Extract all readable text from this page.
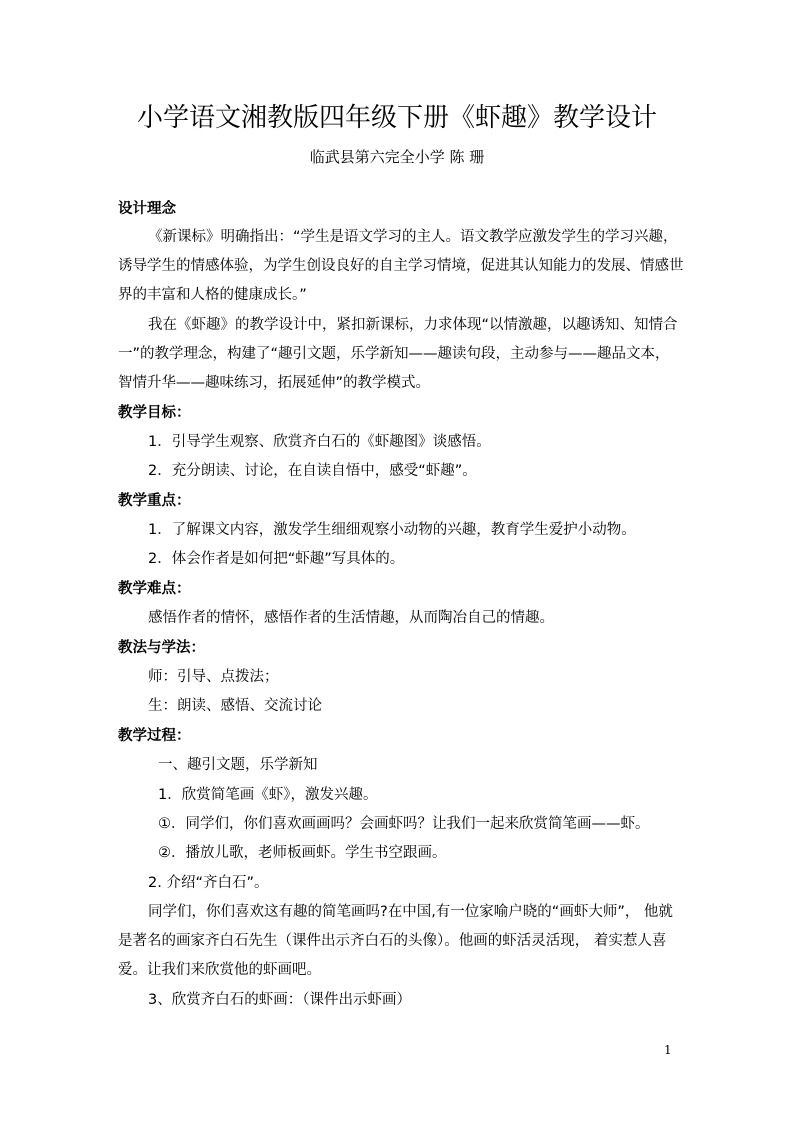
小学语文湘教版四年级下册《虾趣》教学设计
临武县第六完全小学 陈 珊
设计理念
《新课标》明确指出：“学生是语文学习的主人。语文教学应激发学生的学习兴趣，
诱导学生的情感体验，为学生创设良好的自主学习情境，促进其认知能力的发展、情感世
界的丰富和人格的健康成长。”
我在《虾趣》的教学设计中，紧扣新课标，力求体现“以情激趣，以趣诱知、知情合
一”的教学理念，构建了“趣引文题，乐学新知——趣读句段，主动参与——趣品文本，
智情升华——趣味练习，拓展延伸”的教学模式。
教学目标：
1．引导学生观察、欣赏齐白石的《虾趣图》谈感悟。
2．充分朗读、讨论，在自读自悟中，感受“虾趣”。
教学重点：
1．了解课文内容，激发学生细细观察小动物的兴趣，教育学生爱护小动物。
2．体会作者是如何把“虾趣”写具体的。
教学难点：
感悟作者的情怀，感悟作者的生活情趣，从而陶冶自己的情趣。
教法与学法：
师：引导、点拨法；
生：朗读、感悟、交流讨论
教学过程：
一、趣引文题，乐学新知
1．欣赏简笔画《虾》，激发兴趣。
①．同学们，你们喜欢画画吗？会画虾吗？让我们一起来欣赏简笔画——虾。
②．播放儿歌，老师板画虾。学生书空跟画。
2. 介绍“齐白石”。
同学们，你们喜欢这有趣的简笔画吗?在中国,有一位家喻户晓的“画虾大师”， 他就
是著名的画家齐白石先生（课件出示齐白石的头像）。他画的虾活灵活现， 着实惹人喜
爱。让我们来欣赏他的虾画吧。
3、欣赏齐白石的虾画：（课件出示虾画）
1
